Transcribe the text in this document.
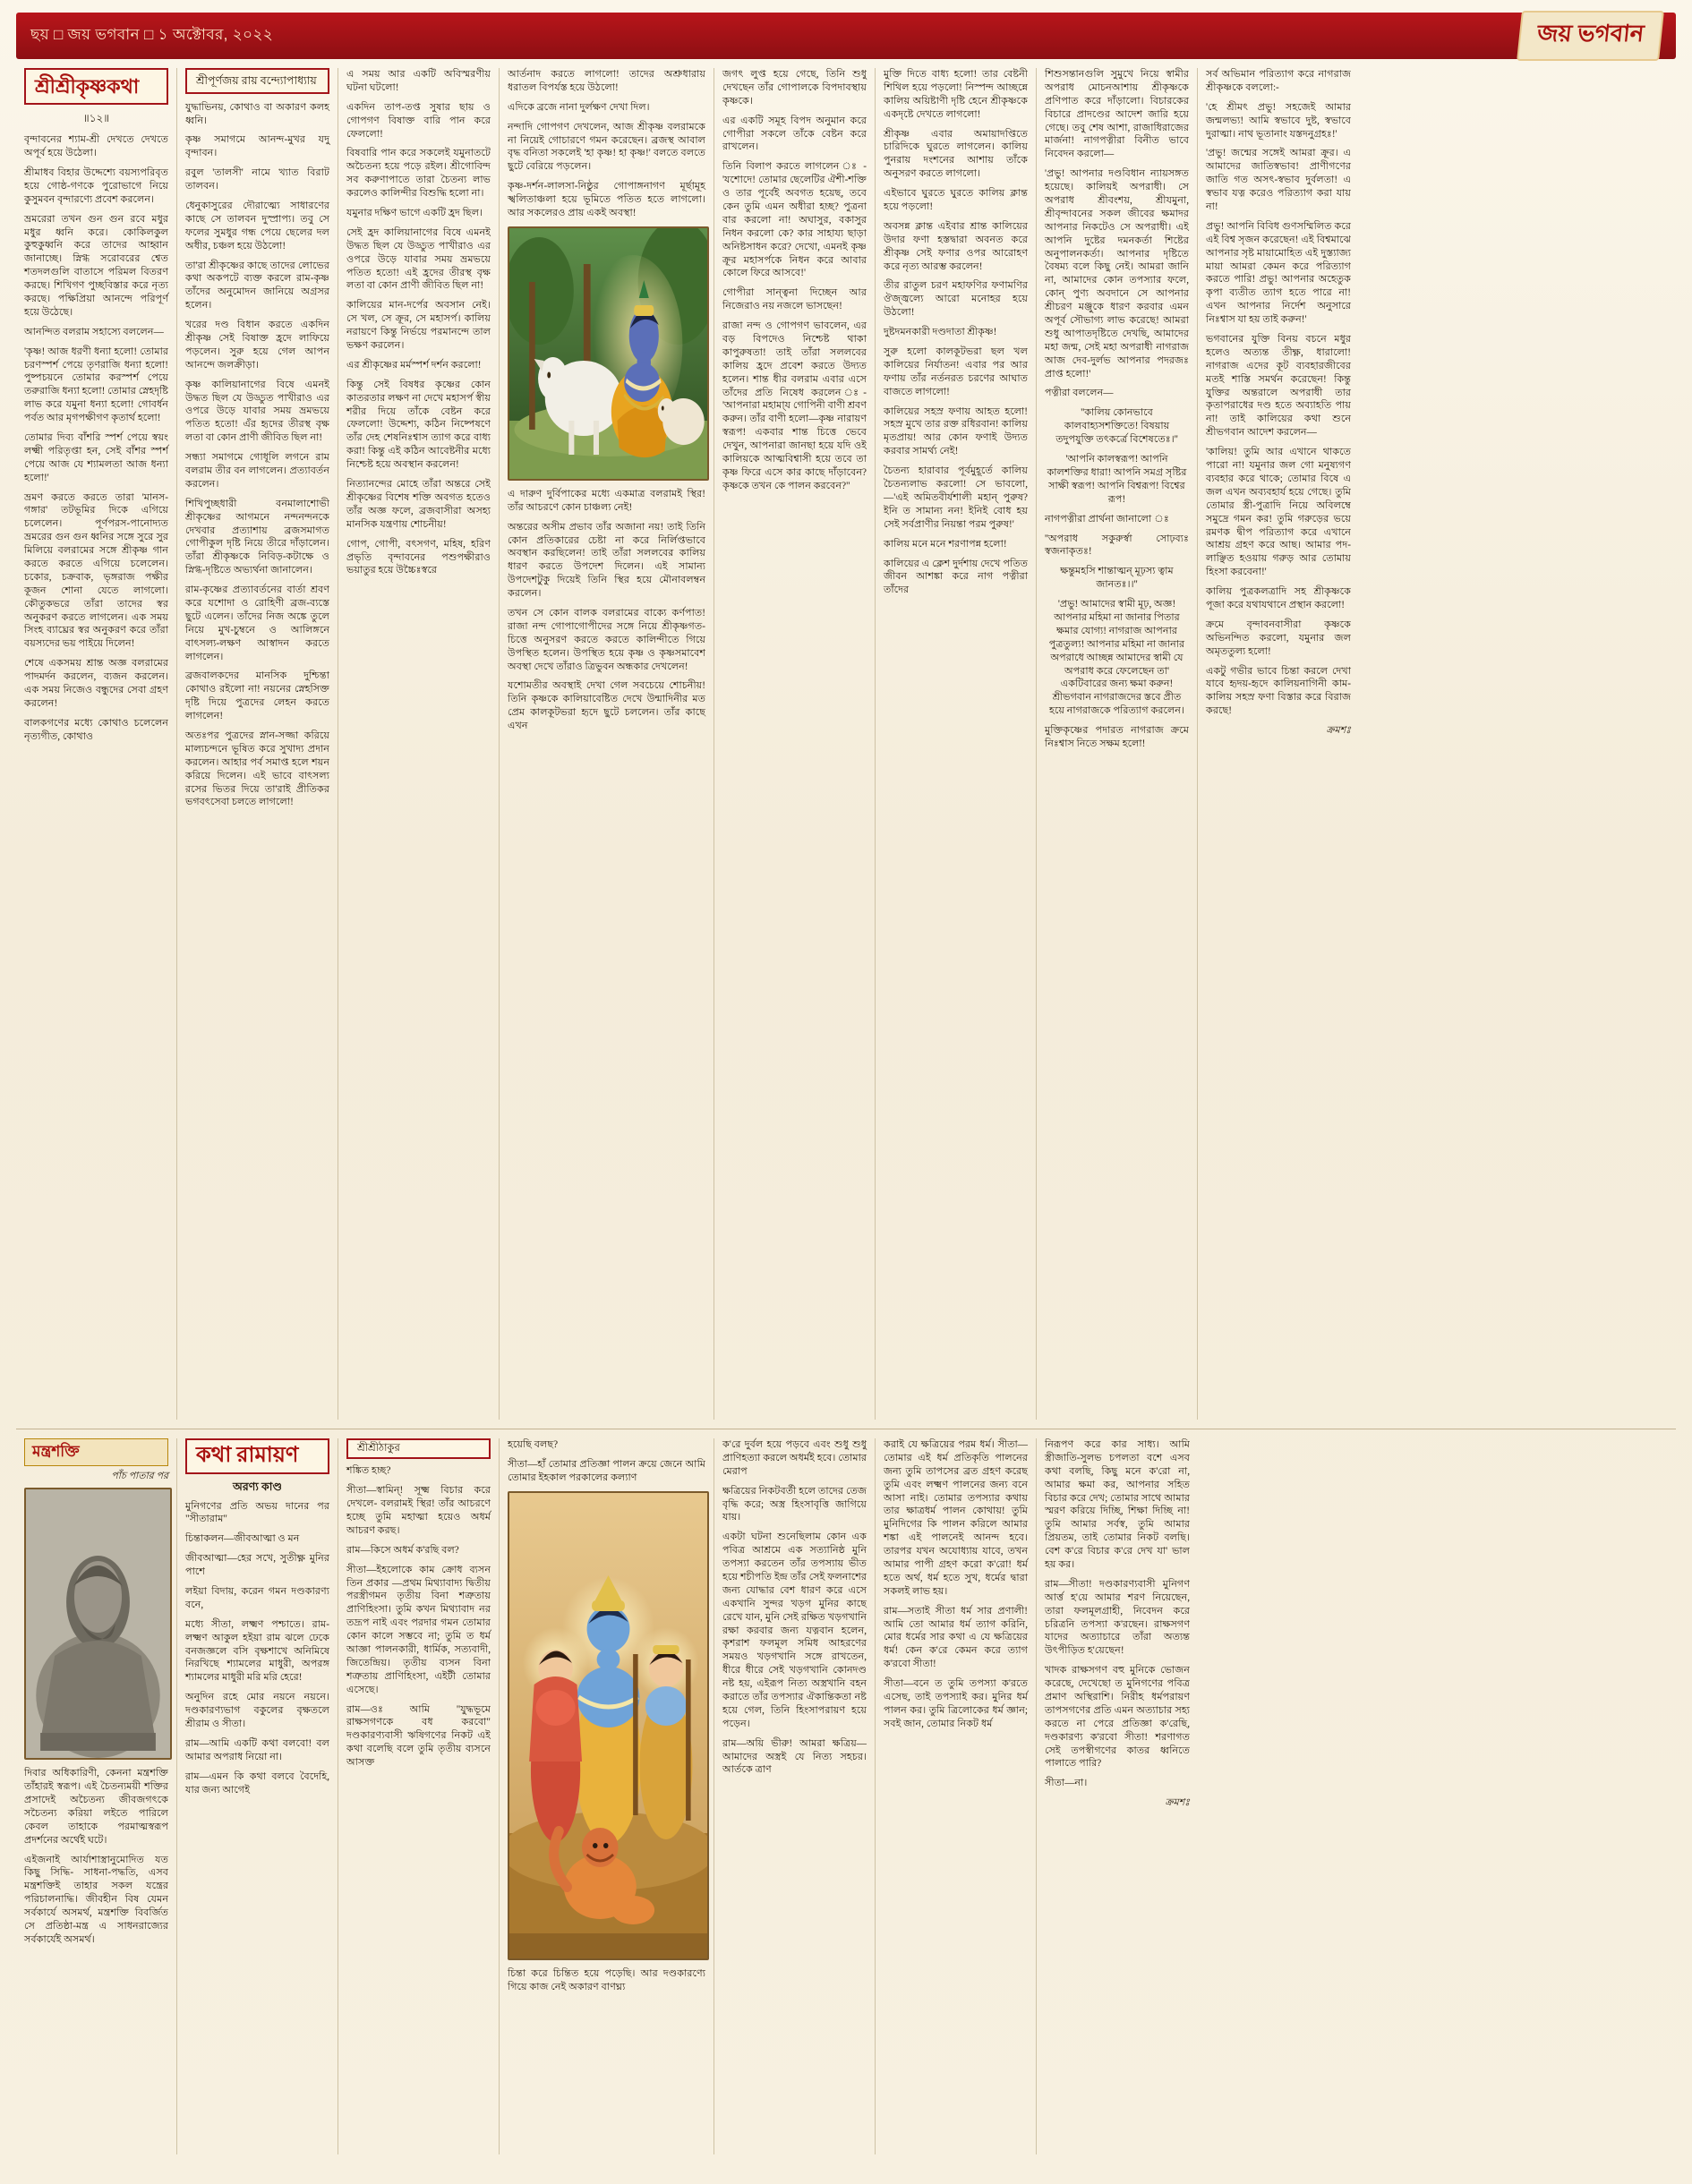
ছয় □ জয় ভগবান □ ১ অক্টোবর, ২০২২	জয় ভগবান
শ্রীশ্রীকৃষ্ণকথা
॥১২॥

বৃন্দাবনের শ্যাম-শ্রী দেখতে দেখতে অপূর্ব হয়ে উঠেলা।

শ্রীমাধব বিহার উদ্দেশ্যে বয়স্যপরিবৃত হয়ে গোষ্ঠ-গণকে পুরোভাগে নিয়ে কুসুমবন বৃন্দারণ্যে প্রবেশ করলেন।

ভ্রমরেরা তখন গুন গুন রবে মধুর মধুর ধ্বনি করে। কোকিলকুল কুহুকুধ্বনি করে তাদের আহ্বান জানাচ্ছে। স্নিগ্ধ সরোবরের শ্বেত শতদলগুলি বাতাসে পরিমল বিতরণ করছে। শিখিগণ পুচ্ছবিস্তার করে নৃত্য করছে। পক্ষিপ্রিয়া আনন্দে পরিপূর্ণ হয়ে উঠেছে।

আনন্দিত বলরাম সহাস্যে বললেন—

'কৃষ্ণ! আজ ধরণী ধন্যা হলো! তোমার চরণস্পর্শ পেয়ে তৃণরাজি ধন্যা হলো! পুষ্পচয়নে তোমার করস্পর্শ পেয়ে তরুরাজি ধন্যা হলো! তোমার স্নেহদৃষ্টি লাভ করে যমুনা ধন্যা হলো! গোবর্ধন পর্বত আর মৃগপক্ষীগণ কৃতার্থ হলো!

তোমার দিব্য বাঁশরি স্পর্শ পেয়ে স্বয়ং লক্ষ্মী পরিতৃপ্তা হন, সেই বাঁশর স্পর্শ পেয়ে আজ যে শ্যামলতা আজ ধন্যা হলো!'

ভ্রমণ করতে করতে তারা 'মানস-গঙ্গার' তটভূমির দিকে এগিয়ে চলেলেন। পূর্ণপরস-পানোদ্যত ভ্রমরের গুন গুন ধ্বনির সঙ্গে সুরে সুর মিলিয়ে বলরামের সঙ্গে শ্রীকৃষ্ণ গান করতে করতে এগিয়ে চলেলেন। চকোর, চক্রবাক, ভৃঙ্গরাজ পক্ষীর কূজন শোনা যেতে লাগলো। কৌতুকভরে তাঁরা তাদের স্বর অনুকরণ করতে লাগলেন। এক সময় সিংহ ব্যাঘ্রের স্বর অনুকরণ করে তাঁরা বয়স্যদের ভয় পাইয়ে দিলেন!

শেষে একসময় শ্রান্ত অজ্ঞ বলরামের পাদমর্দন করলেন, ব্যজন করলেন। এক সময় নিজেও বন্ধুদের সেবা গ্রহণ করলেন!

বালকগণের মধ্যে কোথাও চলেলেন নৃত্যগীত, কোথাও

শ্রীপূর্ণজয় রায় বন্দ্যোপাধ্যায়

যুদ্ধাভিনয়, কোথাও বা অকারণ কলহ ধ্বনি।

কৃষ্ণ সমাগমে আনন্দ-মুখর যদু বৃন্দাবন।

রবুল 'তালসী' নামে খ্যাত বিরাট তালবন।

ধেনুকাসুরের দৌরাত্ম্যে সাধারণের কাছে সে তালবন দুস্প্রাপ্য। তবু সে ফলের সুমধুর গন্ধ পেয়ে ছেলের দল অধীর, চঞ্চল হয়ে উঠলো!

তা'রা শ্রীকৃষ্ণের কাছে তাদের লোভের কথা অকপটে ব্যক্ত করলে রাম-কৃষ্ণ তাঁদের অনুমোদন জানিয়ে অগ্রসর হলেন।

খরের দণ্ড বিধান করতে একদিন শ্রীকৃষ্ণ সেই বিষাক্ত হ্রদে লাফিয়ে পড়লেন। সুরু হয়ে গেল আপন আনন্দে জলক্রীড়া।

কৃষ্ণ কালিয়ানাগের বিষে এমনই উদ্ধত ছিল যে উড্ডুত পাখীরাও এর ওপরে উড়ে যাবার সময় ভ্রমভয়ে পতিত হতো! এঁর হৃদের তীরস্থ বৃক্ষ লতা বা কোন প্রাণী জীবিত ছিল না!

সন্ধ্যা সমাগমে গোধূলি লগনে রাম বলরাম তীর বন লাগলেন। প্রত্যাবর্তন করলেন।

শিখিপুচ্ছধারী বনমালাশোভী শ্রীকৃষ্ণের আগমনে নন্দনন্দনকে দেখবার প্রত্যাশায় ব্রজসমাগত গোপীকুল দৃষ্টি নিয়ে তীরে দাঁড়ালেন। তাঁরা শ্রীকৃষ্ণকে নিবিড়-কটাক্ষে ও স্নিগ্ধ-দৃষ্টিতে অভ্যর্থনা জানালেন।

রাম-কৃষ্ণের প্রত্যাবর্তনের বার্তা শ্রবণ করে যশোদা ও রোহিণী ব্রজ-ব্যস্তে ছুটে এলেন। তাঁদের নিজ অঙ্কে তুলে নিয়ে মুখ-চুম্বনে ও আলিঙ্গনে বাৎসল্য-লক্ষণ আস্বাদন করতে লাগলেন।

ব্রজবালকদের মানসিক দুশ্চিন্তা কোথাও রইলো না! নয়নের স্নেহসিক্ত দৃষ্টি দিয়ে পুত্রদের লেহন করতে লাগলেন!

অতঃপর পুত্রদের স্নান-সজ্জা করিয়ে মাল্যচন্দনে ভূষিত করে সুখাদ্য প্রদান করলেন। আহার পর্ব সমাপ্ত হলে শয়ন করিয়ে দিলেন। এই ভাবে বাৎসল্য রসের ভিতর দিয়ে তা'রাই প্রীতিকর ভগবৎসেবা চলতে লাগলো!

এ সময় আর একটি অবিস্মরণীয় ঘটনা ঘটলো!

একদিন তাপ-তপ্ত সুষার ছায় ও গোপগণ বিষাক্ত বারি পান করে ফেললো!

বিষবারি পান করে সকলেই যমুনাতটে অচৈতন্য হয়ে পড়ে রইল। শ্রীগোবিন্দ সব করুণাপাতে তারা চৈতন্য লাভ করলেও কালিন্দীর বিশুদ্ধি হলো না।

যমুনার দক্ষিণ ভাগে একটি হ্রদ ছিল।

সেই হ্রদ কালিয়ানাগের বিষে এমনই উদ্ধত ছিল যে উড্ডুত পাখীরাও এর ওপরে উড়ে যাবার সময় ভ্রমভয়ে পতিত হতো! এই হ্রদের তীরস্থ বৃক্ষ লতা বা কোন প্রাণী জীবিত ছিল না!

কালিয়ের মান-দর্পের অবসান নেই। সে খল, সে ক্রূর, সে মহাসর্প। কালিয় নরায়ণে কিন্তু নির্ভয়ে পরমানন্দে তাল ভক্ষণ করলেন।

এর শ্রীকৃষ্ণের মর্মস্পর্শ দর্শন করলো!

কিন্তু সেই বিষধর কৃষ্ণের কোন কাতরতার লক্ষণ না দেখে মহাসর্প স্বীয় শরীর দিয়ে তাঁকে বেষ্টন করে ফেললো! উদ্দেশ্য, কঠিন নিষ্পেষণে তাঁর দেহ শেষনিঃশ্বাস ত্যাগ করে বাধ্য করা! কিন্তু এই কঠিন আবেষ্টনীর মধ্যে নিশ্চেষ্ট হয়ে অবস্থান করলেন!

নিত্যানন্দের মোহে তাঁরা অন্তরে সেই শ্রীকৃষ্ণের বিশেষ শক্তি অবগত হতেও তাঁর অজ্ঞ ফলে, ব্রজবাসীরা অসহ্য মানসিক যন্ত্রণায় শোচনীয়!

গোপ, গোপী, বৎসগণ, মহিষ, হরিণ প্রভৃতি বৃন্দাবনের পশুপক্ষীরাও ভয়াতুর হয়ে উচ্চৈঃস্বরে

আর্তনাদ করতে লাগলো! তাদের অশ্রুধারায় ধরাতল বিপর্যস্ত হয়ে উঠলো!

এদিকে ব্রজে নানা দুর্লক্ষণ দেখা দিল।

নন্দাদি গোপগণ দেখলেন, আজ শ্রীকৃষ্ণ বলরামকে না নিয়েই গোচারণে গমন করেছেন। ব্রজস্থ আবাল বৃদ্ধ বনিতা সকলেই 'হা কৃষ্ণ! হা কৃষ্ণ!' বলতে বলতে ছুটে বেরিয়ে পড়লেন।

কৃষ্ণ-দর্শন-লালসা-নিষ্ঠুর গোপাঙ্গনাগণ মূর্ছামূহ স্খলিতাঞ্চলা হয়ে ভূমিতে পতিত হতে লাগলো। আর সকলেরও প্রায় একই অবস্থা!

এ দারুণ দুর্বিপাকের মধ্যে একমাত্র বলরামই স্থির! তাঁর আচরণে কোন চাঞ্চল্য নেই!

অন্তরের অসীম প্রভাব তাঁর অজানা নয়! তাই তিনি কোন প্রতিকারের চেষ্টা না করে নির্লিপ্তভাবে অবস্থান করছিলেন! তাই তাঁরা সললবের কালিয় ধারণ করতে উপদেশ দিলেন। এই সামান্য উপদেশটুকু দিয়েই তিনি স্থির হয়ে মৌনাবলম্বন করলেন।

তখন সে কোন বালক বলরামের বাক্যে কর্ণপাত! রাজা নন্দ গোপাগোপীদের সঙ্গে নিয়ে শ্রীকৃষ্ণগত-চিত্তে অনুসরণ করতে করতে কালিন্দীতে গিয়ে উপস্থিত হলেন। উপস্থিত হয়ে কৃষ্ণ ও কৃষ্ণসমাবেশ অবস্থা দেখে তাঁরাও ত্রিভুবন অন্ধকার দেখলেন!

যশোমতীর অবস্থাই দেখা গেল সবচেয়ে শোচনীয়! তিনি কৃষ্ণকে কালিয়াবেষ্টিত দেখে উন্মাদিনীর মত প্রেম কালকূটভরা হৃদে ছুটে চললেন। তাঁর কাছে এখন

জগৎ লুপ্ত হয়ে গেছে, তিনি শুধু দেখছেন তাঁর গোপালকে বিপদাবস্থায় কৃষ্ণকে।

এর একটি সমূহ বিপদ অনুমান করে গোপীরা সকলে তাঁকে বেষ্টন করে রাখলেন।

তিনি বিলাপ করতে লাগলেন ঃ - 'যশোদে! তোমার ছেলেটির ঐশী-শক্তি ও তার পূর্বেই অবগত হয়েছ, তবে কেন তুমি এমন অধীরা হচ্ছ? পুত্রনা বার করলো না! অঘাসুর, বকাসুর নিধন করলো কে? কার সাহায্য ছাড়া অনিষ্টসাধন করে? দেখো, এমনই কৃষ্ণ ক্রূর মহাসর্পকে নিধন করে আবার কোলে ফিরে আসবে!'

গোপীরা সান্ত্বনা দিচ্ছেন আর নিজেরাও নয় নজলে ভাসছেন!

রাজা নন্দ ও গোপগণ ভাবলেন, এর বড় বিপদেও নিশ্চেষ্ট থাকা কাপুরুষতা! তাই তাঁরা সললবের কালিয় হ্রদে প্রবেশ করতে উদ্যত হলেন। শান্ত ধীর বলরাম এবার এসে তাঁদের প্রতি নিষেধ করলেন ঃ-'আপনারা মহামা্য গোপিনী বাণী শ্রবণ করুন। তাঁর বাণী হলো—কৃষ্ণ নারায়ণ স্বরূপ! একবার শান্ত চিত্তে ভেবে দেখুন, আপনারা জানছা হয়ে যদি ওই কালিয়কে আত্মবিশ্বাসী হয়ে তবে তা কৃষ্ণ ফিরে এসে কার কাছে দাঁড়াবেন? কৃষ্ণকে তখন কে পালন করবেন?"

মুক্তি দিতে বাধ্য হলো! তার বেষ্টনী শিথিল হয়ে পড়লো! নিস্পন্দ আচ্ছন্নে কালিয় অয়িষ্টাণী দৃষ্টি হেনে শ্রীকৃষ্ণকে একদৃষ্টে দেখতে লাগলো!

শ্রীকৃষ্ণ এবার অমায়াদপ্তিতে চারিদিকে ঘুরতে লাগলেন। কালিয় পুনরায় দংশনের আশায় তাঁকে অনুসরণ করতে লাগলো।

এইভাবে ঘুরতে ঘুরতে কালিয় ক্লান্ত হয়ে পড়লো!

অবসন্ন ক্লান্ত এইবার শ্রান্ত কালিয়ের উদার ফণা হস্তদ্বারা অবনত করে শ্রীকৃষ্ণ সেই ফণার ওপর আরোহণ করে নৃত্য আরম্ভ করলেন!

তীর রাতুল চরণ মহাফণির ফণামণির ঔজ্জ্বল্যে আরো মনোহর হয়ে উঠলো!

দুষ্টদমনকারী দণ্ডদাতা শ্রীকৃষ্ণ!

সুরু হলো কালকূটভরা ছল খল কালিয়ের নির্যাতন! এবার পর আর ফণায় তাঁর নর্তনরত চরণের আঘাত বাজতে লাগলো!

কালিয়ের সহস্র ফণায় আহত হলো! সহস্র মুখে তার রক্ত রধিরবান! কালিয় মৃতপ্রায়! আর কোন ফণাই উদ্যত করবার সামর্থ্য নেই!

চৈতন্য হারাবার পূর্বমুহূর্তে কালিয় চৈতন্যলাভ করলো! সে ভাবলো,—'এই অমিতবীর্যশালী মহান্ পুরুষ? ইনি ত সামান্য নন! ইনিই বোধ হয় সেই সর্বপ্রাণীর নিয়ন্তা পরম পুরুষ!'

কালিয় মনে মনে শরণাপন্ন হলো!

কালিয়ের এ ক্লেশ দুর্দশায় দেখে পতিত জীবন আশঙ্কা করে নাগ পত্নীরা তাঁদের

শিশুসন্তানগুলি সুমুখে নিয়ে স্বামীর অপরাধ মোচনআশায় শ্রীকৃষ্ণকে প্রণিপাত করে দাঁড়ালো। বিচারকের বিচারে প্রাদণ্ডের আদেশ জারি হয়ে গেছে। তবু শেষ আশা, রাজাধিরাজের মার্জনা! নাগপত্নীরা বিনীত ভাবে নিবেদন করলো—

'প্রভু! আপনার দণ্ডবিধান ন্যায়সঙ্গত হয়েছে। কালিয়ই অপরাধী। সে অপরাধ শ্রীবংশয়, শ্রীযমুনা, শ্রীবৃন্দাবনের সকল জীবের ক্ষমাদর আপনার নিকটেও সে অপরাধী। এই আপনি দুষ্টের দমনকর্তা শিষ্টের অনুপালনকর্তা। আপনার দৃষ্টিতে বৈষম্য বলে কিছু নেই। আমরা জানি না, আমাদের কোন তপস্যার ফলে, কোন্ পুণ্য অবদানে সে আপনার শ্রীচরণ মঞ্জুকে ধারণ করবার এমন অপূর্ব সৌভাগ্য লাভ করেছে! আমরা শুধু আপাতদৃষ্টিতে দেখছি, আমাদের মহা জন্ম, সেই মহা অপরাধী নাগরাজ আজ দেব-দুর্লভ আপনার পদরজঃ প্রাপ্ত হলো!'

পত্নীরা বললেন—

''কালিয় কোনভাবে কালবাহ্যসশক্তিতে! বিষয়ায় তদুপযুক্তি তৎকর্ত্রে বিশেষতেঃ।''

'আপনি কালস্বরূপ! আপনি কালশক্তির ধারা! আপনি সমগ্র সৃষ্টির সাক্ষী স্বরূপ! আপনি বিশ্বরূপ! বিশ্বের রূপ!

নাগপত্নীরা প্রার্থনা জানালো ঃ

''অপরাধ সকুরুর্স্বা সোঢ়ব্যঃ স্বজনাকৃতঃ!

ক্ষন্তুমহসি শান্তাত্মন্ মূঢ়স্য ত্বাম জানতঃ।।''

'প্রভু! আমাদের স্বামী মূঢ়, অজ্ঞ! আপনার মহিমা না জানার পিতার ক্ষমার যোগ্য! নাগরাজ আপনার পুত্রতুল্য! আপনার মহিমা না জানার অপরাধে আচ্ছন্ন আমাদের স্বামী যে অপরাধ করে ফেলেছেন তা' একটিবারের জন্য ক্ষমা করুন! শ্রীভগবান নাগরাজদের স্তবে প্রীত হয়ে নাগরাজকে পরিত্যাগ করলেন।

মুক্তিকৃষ্ণের পদারত নাগরাজ ক্রমে নিঃশ্বাস নিতে সক্ষম হলো!

সর্ব অভিমান পরিত্যাগ করে নাগরাজ শ্রীকৃষ্ণকে বললো:-

'হে শ্রীমৎ প্রভু! সহজেই আমার জন্মলভ্য! আমি স্বভাবে দুষ্ট, স্বভাবে দুরাত্মা। নাথ ভূতানাং যস্তদনুগ্রহঃ!'

'প্রভু! জন্মের সঙ্গেই আমরা ক্রূর। এ আমাদের জাতিস্বভাব! প্রাণীগণের জাতি গত অসৎ-স্বভাব দুর্বলতা! এ স্বভাব যত্ন করেও পরিত্যাগ করা যায় না!

প্রভু! আপনি বিবিধ গুণসম্মিলিত করে এই বিশ্ব সৃজন করেছেন! এই বিশ্বমাঝে আপনার সৃষ্ট মায়ামোহিত এই দুস্ত্যাজ্য মায়া আমরা কেমন করে পরিত্যাগ করতে পারি! প্রভু! আপনার অহেতুক কৃপা ব্যতীত ত্যাগ হতে পারে না! এখন আপনার নির্দেশ অনুসারে নিঃশ্বাস যা হয় তাই করুন!'

ভগবানের যুক্তি বিনয় বচনে মধুর হলেও অত্যন্ত তীক্ষ্ণ, ধারালো! নাগরাজ এদের কূট ব্যবহারজীবের মতই শাস্তি সমর্থন করেছেন! কিন্তু যুক্তির অন্তরালে অপরাধী তার কৃতাপরাধের দণ্ড হতে অব্যাহতি পায় না! তাই কালিয়ের কথা শুনে শ্রীভগবান আদেশ করলেন—

'কালিয়! তুমি আর এখানে থাকতে পারো না! যমুনার জল গো মনুষ্যগণ ব্যবহার করে থাকে; তোমার বিষে এ জল এখন অব্যবহার্য হয়ে গেছে। তুমি তোমার স্ত্রী-পুত্রাদি নিয়ে অবিলম্বে সমুদ্রে গমন কর! তুমি গরুড়ের ভয়ে রমণক দ্বীপ পরিত্যাগ করে এখানে আশ্রয় গ্রহণ করে আছ। আমার পদ-লাঞ্ছিত হওয়ায় গরুড় আর তোমায় হিংসা করবেনা!'

কালিয় পুত্রকলত্রাদি সহ শ্রীকৃষ্ণকে পূজা করে যথাযথানে প্রস্থান করলো!

ক্রমে বৃন্দাবনবাসীরা কৃষ্ণকে অভিনন্দিত করলো, যমুনার জল অমৃততুল্য হলো!

একটু গভীর ভাবে চিন্তা করলে দেখা যাবে হৃদয়-হৃদে কালিয়নাগিনী কাম-কালিয় সহস্র ফণা বিস্তার করে বিরাজ করছে!

ক্রমশঃ

মন্ত্রশক্তি
পাঁচ পাতার পর

দিবার অধিকারিণী, কেননা মন্ত্রশক্তি তাঁহারই স্বরূপ। এই চৈতন্যময়ী শক্তির প্রসাদেই অচৈতন্য জীবজগৎকে সচৈতন্য করিয়া লইতে পারিলে কেবল তাহাকে পরমাত্মস্বরূপ প্রদর্শনের অর্থেই ঘটে।

এইজনাই আর্যাশাস্ত্রানুমোদিত যত কিছু সিদ্ধি- সাধনা-পদ্ধতি, এসব মন্ত্রশক্তিই তাহার সকল যন্ত্রের পরিচালনাদ্ধি। জীবহীন বিষ যেমন সর্বকার্যে অসমর্থ, মন্ত্রশক্তি বিবর্জিত সে প্রতিষ্ঠা-মন্ত্র এ সাধনরাজ্যের সর্বকার্যেই অসমর্থ।

কথা রামায়ণ
অরণ্য কাণ্ড

মুনিগণের প্রতি অভয় দানের পর "সীতারাম"

চিন্তাকলন—জীবআত্মা ও মন

জীবআত্মা—হের সখে, সুতীক্ষ্ণ মুনির পাশে

লইয়া বিদায়, করেন গমন দণ্ডকারণ্য বনে,

মধ্যে সীতা, লক্ষ্মণ পশ্চাতে। রাম-লক্ষ্মণ আকুল হইয়া রাম ঝলে ঢেকে বনজজ্ঞলে বসি বৃক্ষশাখে অনিমিষে নিরখিছে শ্যামলের মাধুরী, অপরঙ্গ শ্যামলের মাধুরী মরি মরি হেরে!

অনুদিন রহে মোর নয়নে নয়নে। দণ্ডকারণ্যভাগ বকুলের বৃক্ষতলে শ্রীরাম ও সীতা।

রাম—আমি একটি কথা বলবো! বল আমার অপরাধ নিয়ো না।

রাম—এমন কি কথা বলবে বৈদেহি, যার জন্য আগেই

শ্রীশ্রীঠাকুর

শঙ্কিত হচ্ছ?

সীতা—স্বামিন্! সূক্ষ্ম বিচার করে দেখলে- বলরামই স্থির! তাঁর আচরণে হচ্ছে তুমি মহাত্মা হয়েও অধর্ম আচরণ করছ।

রাম—কিসে অধর্ম ক'রছি বল?

সীতা—ইহলোকে কাম ক্রোধ ব্যসন তিন প্রকার —প্রথম মিথ্যাবাদ্য দ্বিতীয় পরস্ত্রীগমন তৃতীয় বিনা শত্রুতায় প্রাণিহিংসা। তুমি কখন মিথ্যাবাদ নর তদ্রূপ নাই এবং পরদার গমন তোমার কোন কালে সম্ভবে না; তুমি ত ধর্ম আজ্ঞা পালনকারী, ধার্মিক, সত্যবাদী, জিতেন্দ্রিয়। তৃতীয় ব্যসন বিনা শত্রুতায় প্রাণিহিংসা, এইটী তোমার এসেছে।

রাম—ওঃ আমি "যুদ্ধভূমে রাক্ষসগণকে বধ করবো" দণ্ডকারণ্যবাসী ঋষিগণের নিকট এই কথা বলেছি বলে তুমি তৃতীয় ব্যসনে আসক্ত

হয়েছি বলছ?

সীতা—হাঁ তোমার প্রতিজ্ঞা পালন ক্রয়ে জেনে আমি তোমার ইহকাল পরকালের কল্যাণ

চিন্তা করে চিন্তিত হয়ে পড়েছি। আর দণ্ডকারণ্যে গিয়ে কাজ নেই অকারণ বাণঘ্ন্য

ক'রে দুর্বল হয়ে পড়বে এবং শুধু শুধু প্রাণিহত্যা করলে অধর্মই হবে। তোমার মেরাপ

ক্ষত্রিয়ের নিকটবর্তী হলে তাদের তেজ বৃদ্ধি করে; অস্ত্র হিংসাবৃত্তি জাগিয়ে যায়।

একটা ঘটনা শুনেছিলাম কোন এক পবিত্র আশ্রমে এক সত্যানিষ্ঠ মুনি তপস্যা করতেন তাঁর তপস্যায় ভীত হয়ে শচীপতি ইন্দ্র তাঁর সেই ফলনাশের জন্য যোদ্ধার বেশ ধারণ করে এসে একখানি সুন্দর খড়গ মুনির কাছে রেখে যান, মুনি সেই রক্ষিত খড়গখানি রক্ষা করবার জন্য যত্নবান হলেন, কৃশরাশ ফলমূল সমিধ আহরণের সময়ও খড়গখানি সঙ্গে রাখতেন, ধীরে ধীরে সেই খড়গখানি কোনদণ্ড নষ্ট হয়, এইরূপ নিত্য অস্ত্রখানি বহন করাতে তাঁর তপস্যার ঐকান্তিকতা নষ্ট হয়ে গেল, তিনি হিংসাপরায়ণ হয়ে পড়েন।

রাম—অয়ি ভীরু! আমরা ক্ষত্রিয়—আমাদের অস্ত্রই যে নিত্য সহচর। আর্তকে ত্রাণ

করাই যে ক্ষত্রিয়ের পরম ধর্ম। সীতা—তোমার এই ধর্ম প্রতিকৃতি পালনের জন্য তুমি তাপসের ব্রত গ্রহণ করেছ তুমি এবং লক্ষ্মণ পালনের জন্য বনে আসা নাই। তোমার তপস্যার কথায় তার ক্ষাত্রধর্ম পালন কোথায়! তুমি মুনিদিগের কি পালন করিলে আমার শঙ্কা এই পালনেই আনন্দ হবে। তারপর যখন অযোধ্যায় যাবে, তখন আমার পাপী গ্রহণ করো ক'রো! ধর্ম হতে অর্থ, ধর্ম হতে সুখ, ধর্মের দ্বারা সকলই লাভ হয়।

রাম—সতাই সীতা ধর্ম সার প্রণালী! আমি তো আমার ধর্ম ত্যাগ করিনি, মোর ধর্মের সার কথা এ যে ক্ষত্রিয়ের ধর্ম! কেন ক'রে কেমন করে ত্যাগ ক'রবো সীতা!

সীতা—বনে ত তুমি তপস্যা ক'রতে এসেছ, তাই তপস্যাই কর। মুনির ধর্ম পালন কর। তুমি ত্রিলোকের ধর্ম জ্ঞান; সবই জান, তোমার নিকট ধর্ম

নিরূপণ করে কার সাধ্য। আমি স্ত্রীজাতি-সুলভ চপলতা বশে এসব কথা বলছি, কিছু মনে ক'রো না, আমার ক্ষমা কর, আপনার সহিত বিচার করে দেখ; তোমার সাথে আমার স্মরণ করিয়ে দিচ্ছি, শিক্ষা দিচ্ছি না! তুমি আমার সর্বস্ব, তুমি আমার প্রিয়তম, তাই তোমার নিকট বলছি। বেশ ক'রে বিচার ক'রে দেখ যা' ভাল হয় কর।

রাম—সীতা! দণ্ডকারণ্যবাসী মুনিগণ আর্ত্ত হ'য়ে আমার শরণ নিয়েছেন, তারা ফলমূলগ্রাহী, নিবেদন করে চরিত্রনি তপস্যা ক'রছেন। রাক্ষসগণ যাদের অত্যাচারে তাঁরা অত্যন্ত উৎপীড়িত হ'য়েছেন!

খাদক রাক্ষসগণ বহু মুনিকে ভোজন করেছে, দেখেছো ত মুনিগণের পবিত্র প্রমাণ অস্থিরাশি। নিরীহ ধর্মপরায়ণ তাপসগণের প্রতি এমন অত্যাচার সহ্য করতে না পেরে প্রতিজ্ঞা ক'রেছি, দণ্ডকারণ্য ক'রবো সীতা! শরণাগত সেই তপস্বীগণের কাতর ধ্বনিতে পালাতে পারি?

সীতা—না।

ক্রমশঃ
